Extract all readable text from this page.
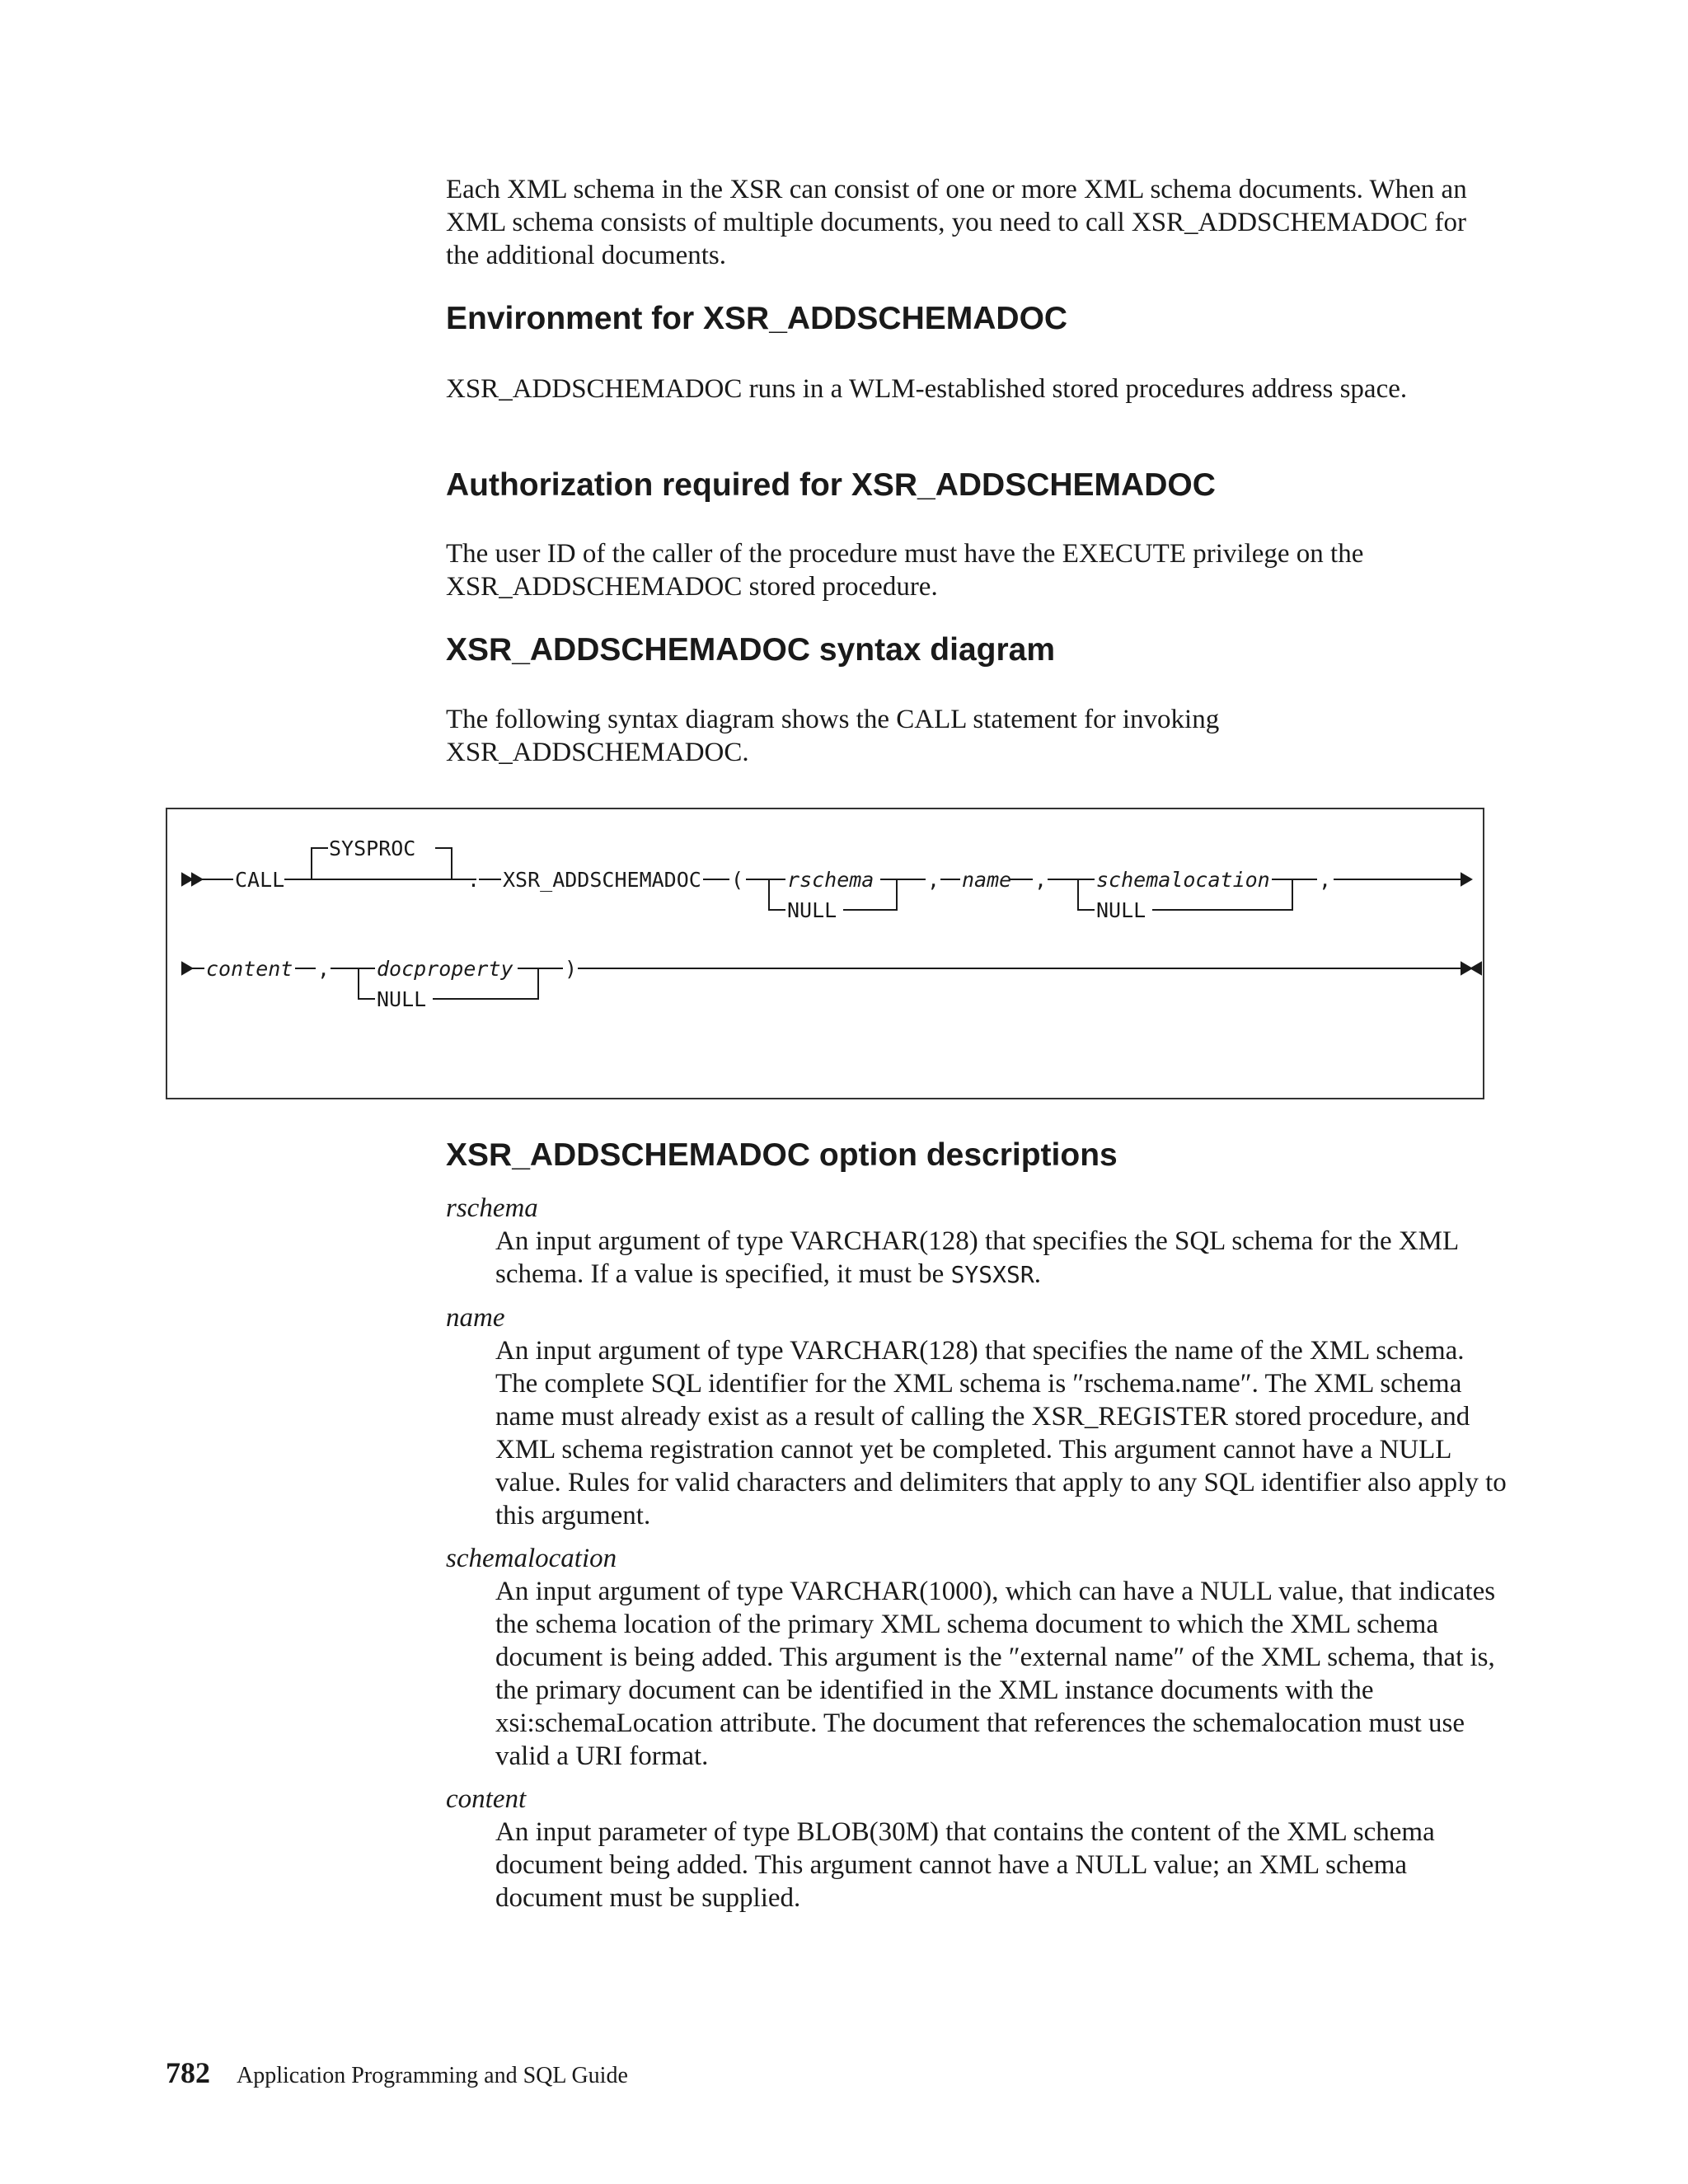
Each XML schema in the XSR can consist of one or more XML schema documents. When an XML schema consists of multiple documents, you need to call XSR_ADDSCHEMADOC for the additional documents.

Environment for XSR_ADDSCHEMADOC

XSR_ADDSCHEMADOC runs in a WLM-established stored procedures address space.

Authorization required for XSR_ADDSCHEMADOC

The user ID of the caller of the procedure must have the EXECUTE privilege on the XSR_ADDSCHEMADOC stored procedure.

XSR_ADDSCHEMADOC syntax diagram

The following syntax diagram shows the CALL statement for invoking XSR_ADDSCHEMADOC.

CALL
SYSPROC
. XSR_ADDSCHEMADOC ( rschema
NULL
, name , schemalocation
NULL
,
content , docproperty
NULL
)
XSR_ADDSCHEMADOC option descriptions

rschema

An input argument of type VARCHAR(128) that specifies the SQL schema for the XML schema. If a value is specified, it must be SYSXSR.

name

An input argument of type VARCHAR(128) that specifies the name of the XML schema. The complete SQL identifier for the XML schema is ″rschema.name″. The XML schema name must already exist as a result of calling the XSR_REGISTER stored procedure, and XML schema registration cannot yet be completed. This argument cannot have a NULL value. Rules for valid characters and delimiters that apply to any SQL identifier also apply to this argument.

schemalocation

An input argument of type VARCHAR(1000), which can have a NULL value, that indicates the schema location of the primary XML schema document to which the XML schema document is being added. This argument is the ″external name″ of the XML schema, that is, the primary document can be identified in the XML instance documents with the xsi:schemaLocation attribute. The document that references the schemalocation must use valid a URI format.

content

An input parameter of type BLOB(30M) that contains the content of the XML schema document being added. This argument cannot have a NULL value; an XML schema document must be supplied.

782 Application Programming and SQL Guide
